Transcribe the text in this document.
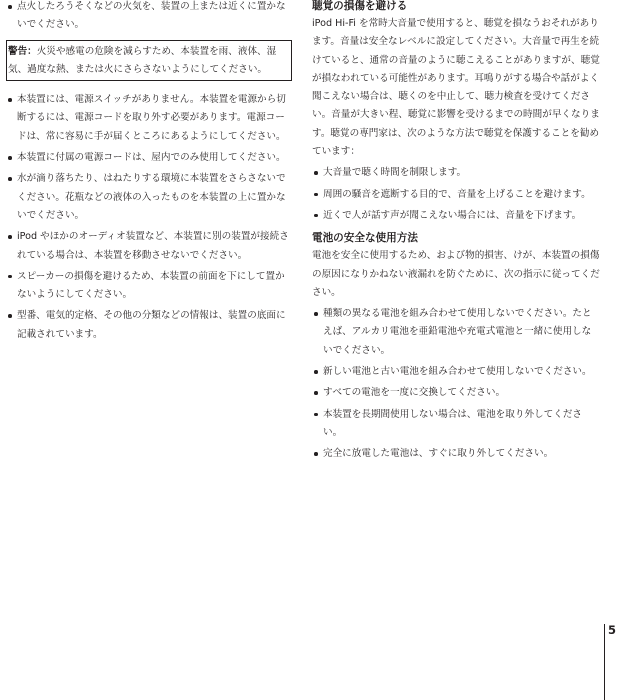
点火したろうそくなどの火気を、装置の上または近くに置かないでください。
警告：火災や感電の危険を減らすため、本装置を雨、液体、湿気、過度な熱、または火にさらさないようにしてください。
本装置には、電源スイッチがありません。本装置を電源から切断するには、電源コードを取り外す必要があります。電源コードは、常に容易に手が届くところにあるようにしてください。
本装置に付属の電源コードは、屋内でのみ使用してください。
水が滴り落ちたり、はねたりする環境に本装置をさらさないでください。花瓶などの液体の入ったものを本装置の上に置かないでください。
iPod やほかのオーディオ装置など、本装置に別の装置が接続されている場合は、本装置を移動させないでください。
スピーカーの損傷を避けるため、本装置の前面を下にして置かないようにしてください。
型番、電気的定格、その他の分類などの情報は、装置の底面に記載されています。
聴覚の損傷を避ける

iPod Hi-Fi を常時大音量で使用すると、聴覚を損なうおそれがあります。音量は安全なレベルに設定してください。大音量で再生を続けていると、通常の音量のように聴こえることがありますが、聴覚が損なわれている可能性があります。耳鳴りがする場合や話がよく聞こえない場合は、聴くのを中止して、聴力検査を受けてください。音量が大きい程、聴覚に影響を受けるまでの時間が早くなります。聴覚の専門家は、次のような方法で聴覚を保護することを勧めています：

大音量で聴く時間を制限します。
周囲の騒音を遮断する目的で、音量を上げることを避けます。
近くで人が話す声が聞こえない場合には、音量を下げます。
電池の安全な使用方法

電池を安全に使用するため、および物的損害、けが、本装置の損傷の原因になりかねない液漏れを防ぐために、次の指示に従ってください。

種類の異なる電池を組み合わせて使用しないでください。たとえば、アルカリ電池を亜鉛電池や充電式電池と一緒に使用しないでください。
新しい電池と古い電池を組み合わせて使用しないでください。
すべての電池を一度に交換してください。
本装置を長期間使用しない場合は、電池を取り外してください。
完全に放電した電池は、すぐに取り外してください。
5
